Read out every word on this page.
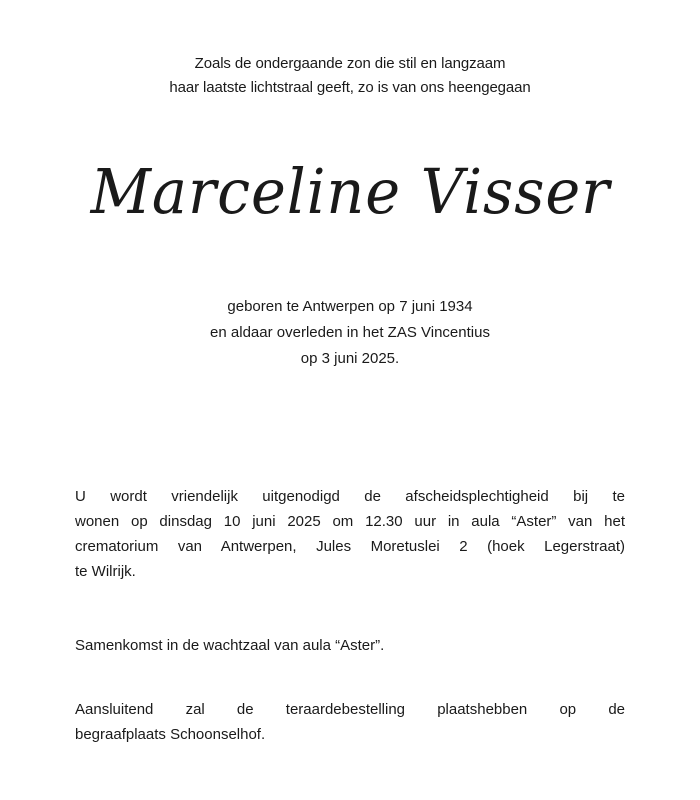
Zoals de ondergaande zon die stil en langzaam
haar laatste lichtstraal geeft, zo is van ons heengegaan
Marceline Visser
geboren te Antwerpen op 7 juni 1934
en aldaar overleden in het ZAS Vincentius
op 3 juni 2025.
U wordt vriendelijk uitgenodigd de afscheidsplechtigheid bij te
wonen op dinsdag 10 juni 2025 om 12.30 uur in aula “Aster” van het
crematorium van Antwerpen, Jules Moretuslei 2 (hoek Legerstraat)
te Wilrijk.
Samenkomst in de wachtzaal van aula “Aster”.
Aansluitend zal de teraardebestelling plaatshebben op de
begraafplaats Schoonselhof.
